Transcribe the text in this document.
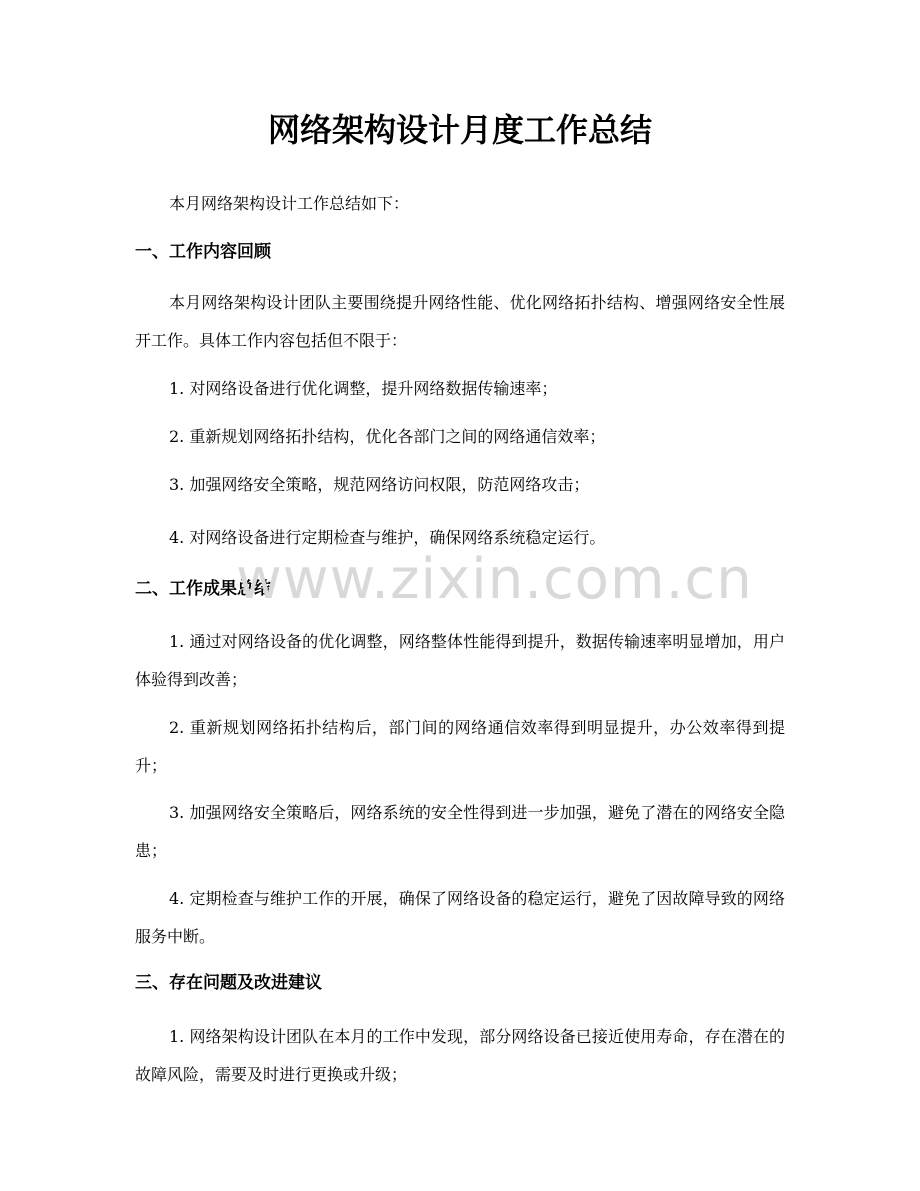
网络架构设计月度工作总结

本月网络架构设计工作总结如下：

一、工作内容回顾

本月网络架构设计团队主要围绕提升网络性能、优化网络拓扑结构、增强网络安全性展开工作。具体工作内容包括但不限于：

1. 对网络设备进行优化调整，提升网络数据传输速率；

2. 重新规划网络拓扑结构，优化各部门之间的网络通信效率；

3. 加强网络安全策略，规范网络访问权限，防范网络攻击；

4. 对网络设备进行定期检查与维护，确保网络系统稳定运行。

二、工作成果总结

1. 通过对网络设备的优化调整，网络整体性能得到提升，数据传输速率明显增加，用户体验得到改善；

2. 重新规划网络拓扑结构后，部门间的网络通信效率得到明显提升，办公效率得到提升；

3. 加强网络安全策略后，网络系统的安全性得到进一步加强，避免了潜在的网络安全隐患；

4. 定期检查与维护工作的开展，确保了网络设备的稳定运行，避免了因故障导致的网络服务中断。

三、存在问题及改进建议

1. 网络架构设计团队在本月的工作中发现，部分网络设备已接近使用寿命，存在潜在的故障风险，需要及时进行更换或升级；

www.zixin.com.cn
